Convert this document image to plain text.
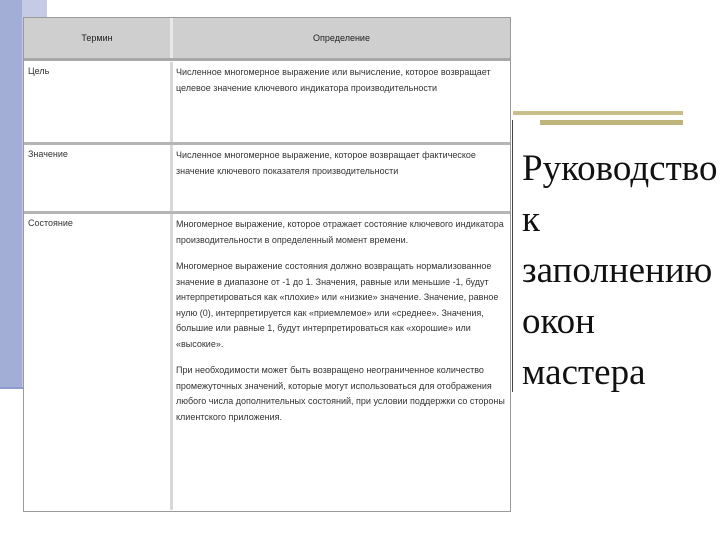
Термин	Определение
Цель	Численное многомерное выражение или вычисление, которое возвращает целевое значение ключевого индикатора производительности

Значение	Численное многомерное выражение, которое возвращает фактическое значение ключевого показателя производительности

Состояние	Многомерное выражение, которое отражает состояние ключевого индикатора производительности в определенный момент времени.

Многомерное выражение состояния должно возвращать нормализованное значение в диапазоне от -1 до 1. Значения, равные или меньшие -1, будут интерпретироваться как «плохие» или «низкие» значение. Значение, равное нулю (0), интерпретируется как «приемлемое» или «среднее». Значения, большие или равные 1, будут интерпретироваться как «хорошие» или «высокие».

При необходимости может быть возвращено неограниченное количество промежуточных значений, которые могут использоваться для отображения любого числа дополнительных состояний, при условии поддержки со стороны клиентского приложения.

Руководство к заполнению окон мастера
